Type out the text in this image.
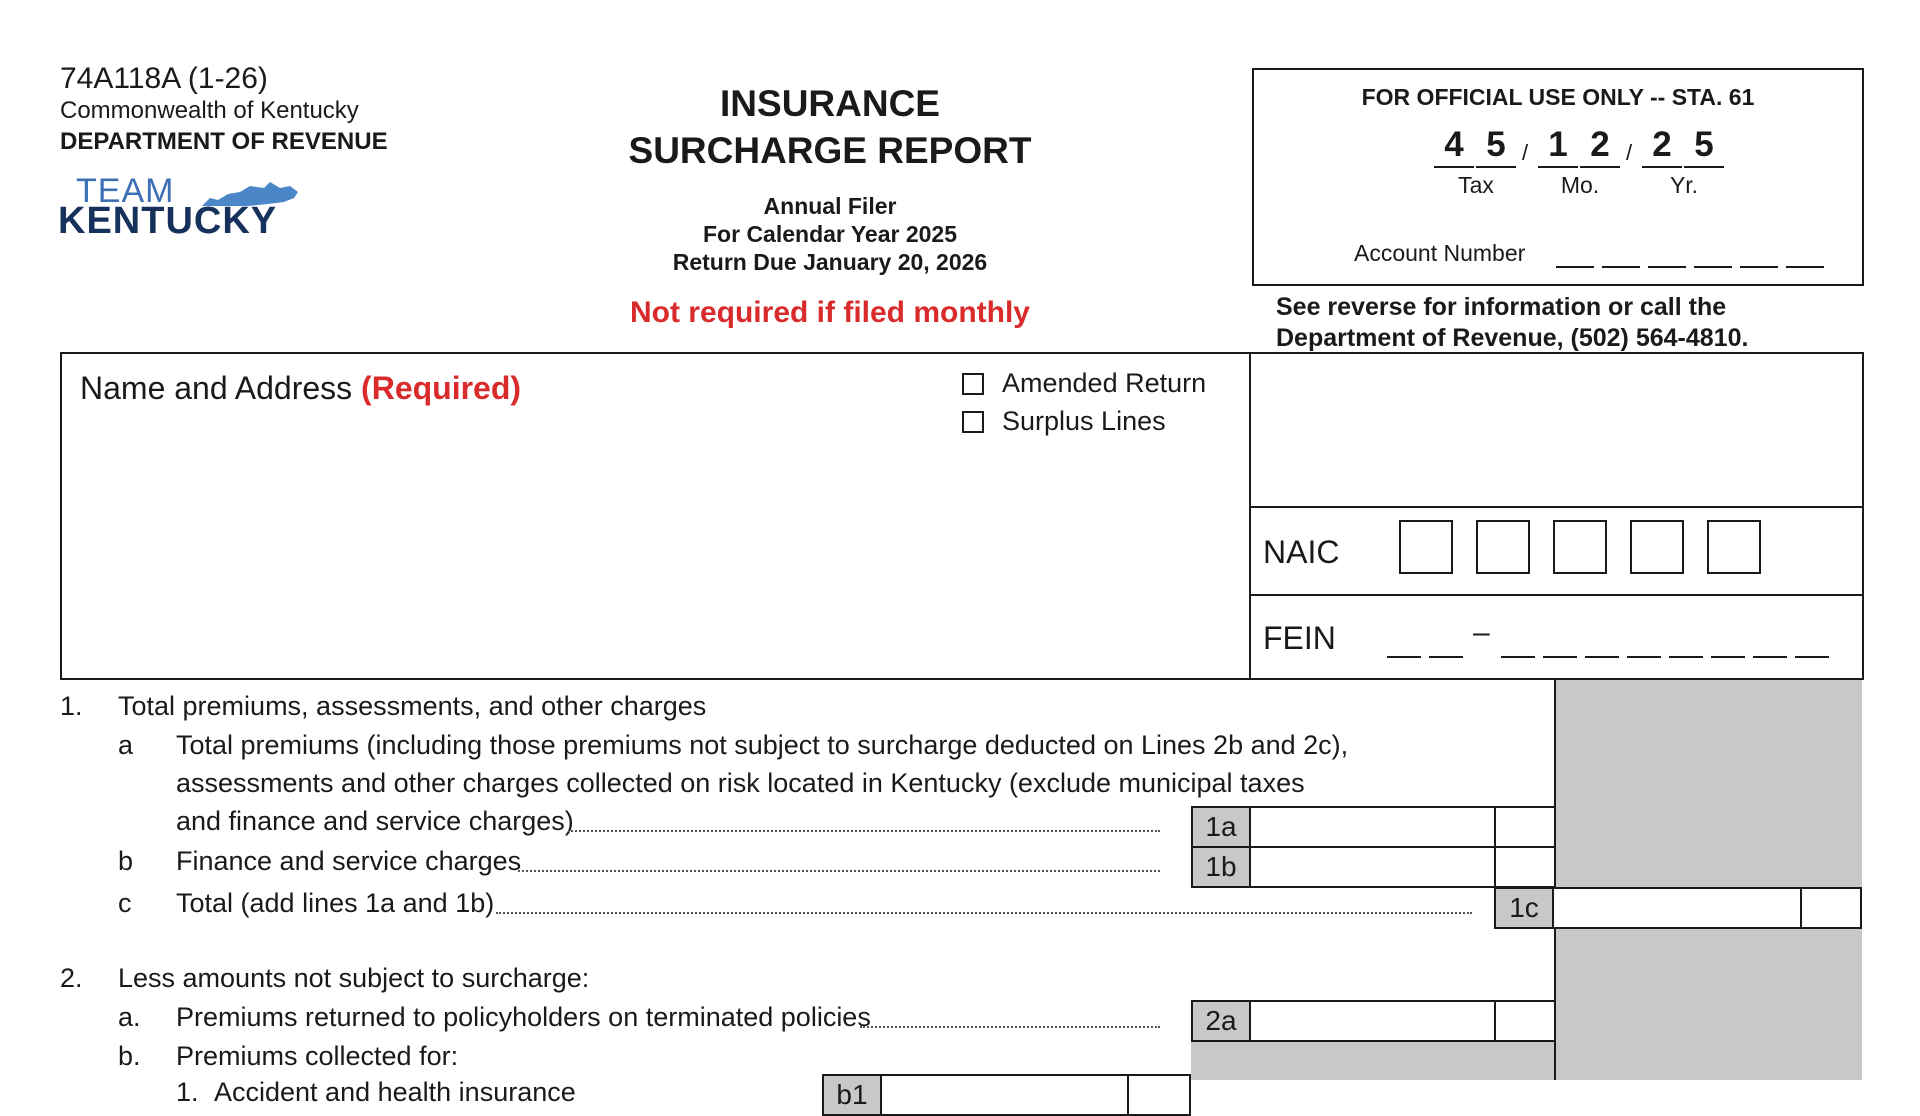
74A118A (1-26)
Commonwealth of Kentucky
DEPARTMENT OF REVENUE
TEAM
KENTUCKY
INSURANCE
SURCHARGE REPORT
Annual Filer
For Calendar Year 2025
Return Due January 20, 2026
Not required if filed monthly
FOR OFFICIAL USE ONLY -- STA. 61
4 5 / 1 2 / 2 5
Tax	Mo.	Yr.
Account Number
See reverse for information or call the
Department of Revenue, (502) 564-4810.
Name and Address (Required)	Amended Return
Surplus Lines
NAIC
FEIN	–
1. Total premiums, assessments, and other charges
a Total premiums (including those premiums not subject to surcharge deducted on Lines 2b and 2c),
assessments and other charges collected on risk located in Kentucky (exclude municipal taxes
and finance and service charges)	1a
b Finance and service charges	1b
c Total (add lines 1a and 1b)	1c
2. Less amounts not subject to surcharge:
a. Premiums returned to policyholders on terminated policies	2a
b. Premiums collected for:
1. Accident and health insurance	b1
